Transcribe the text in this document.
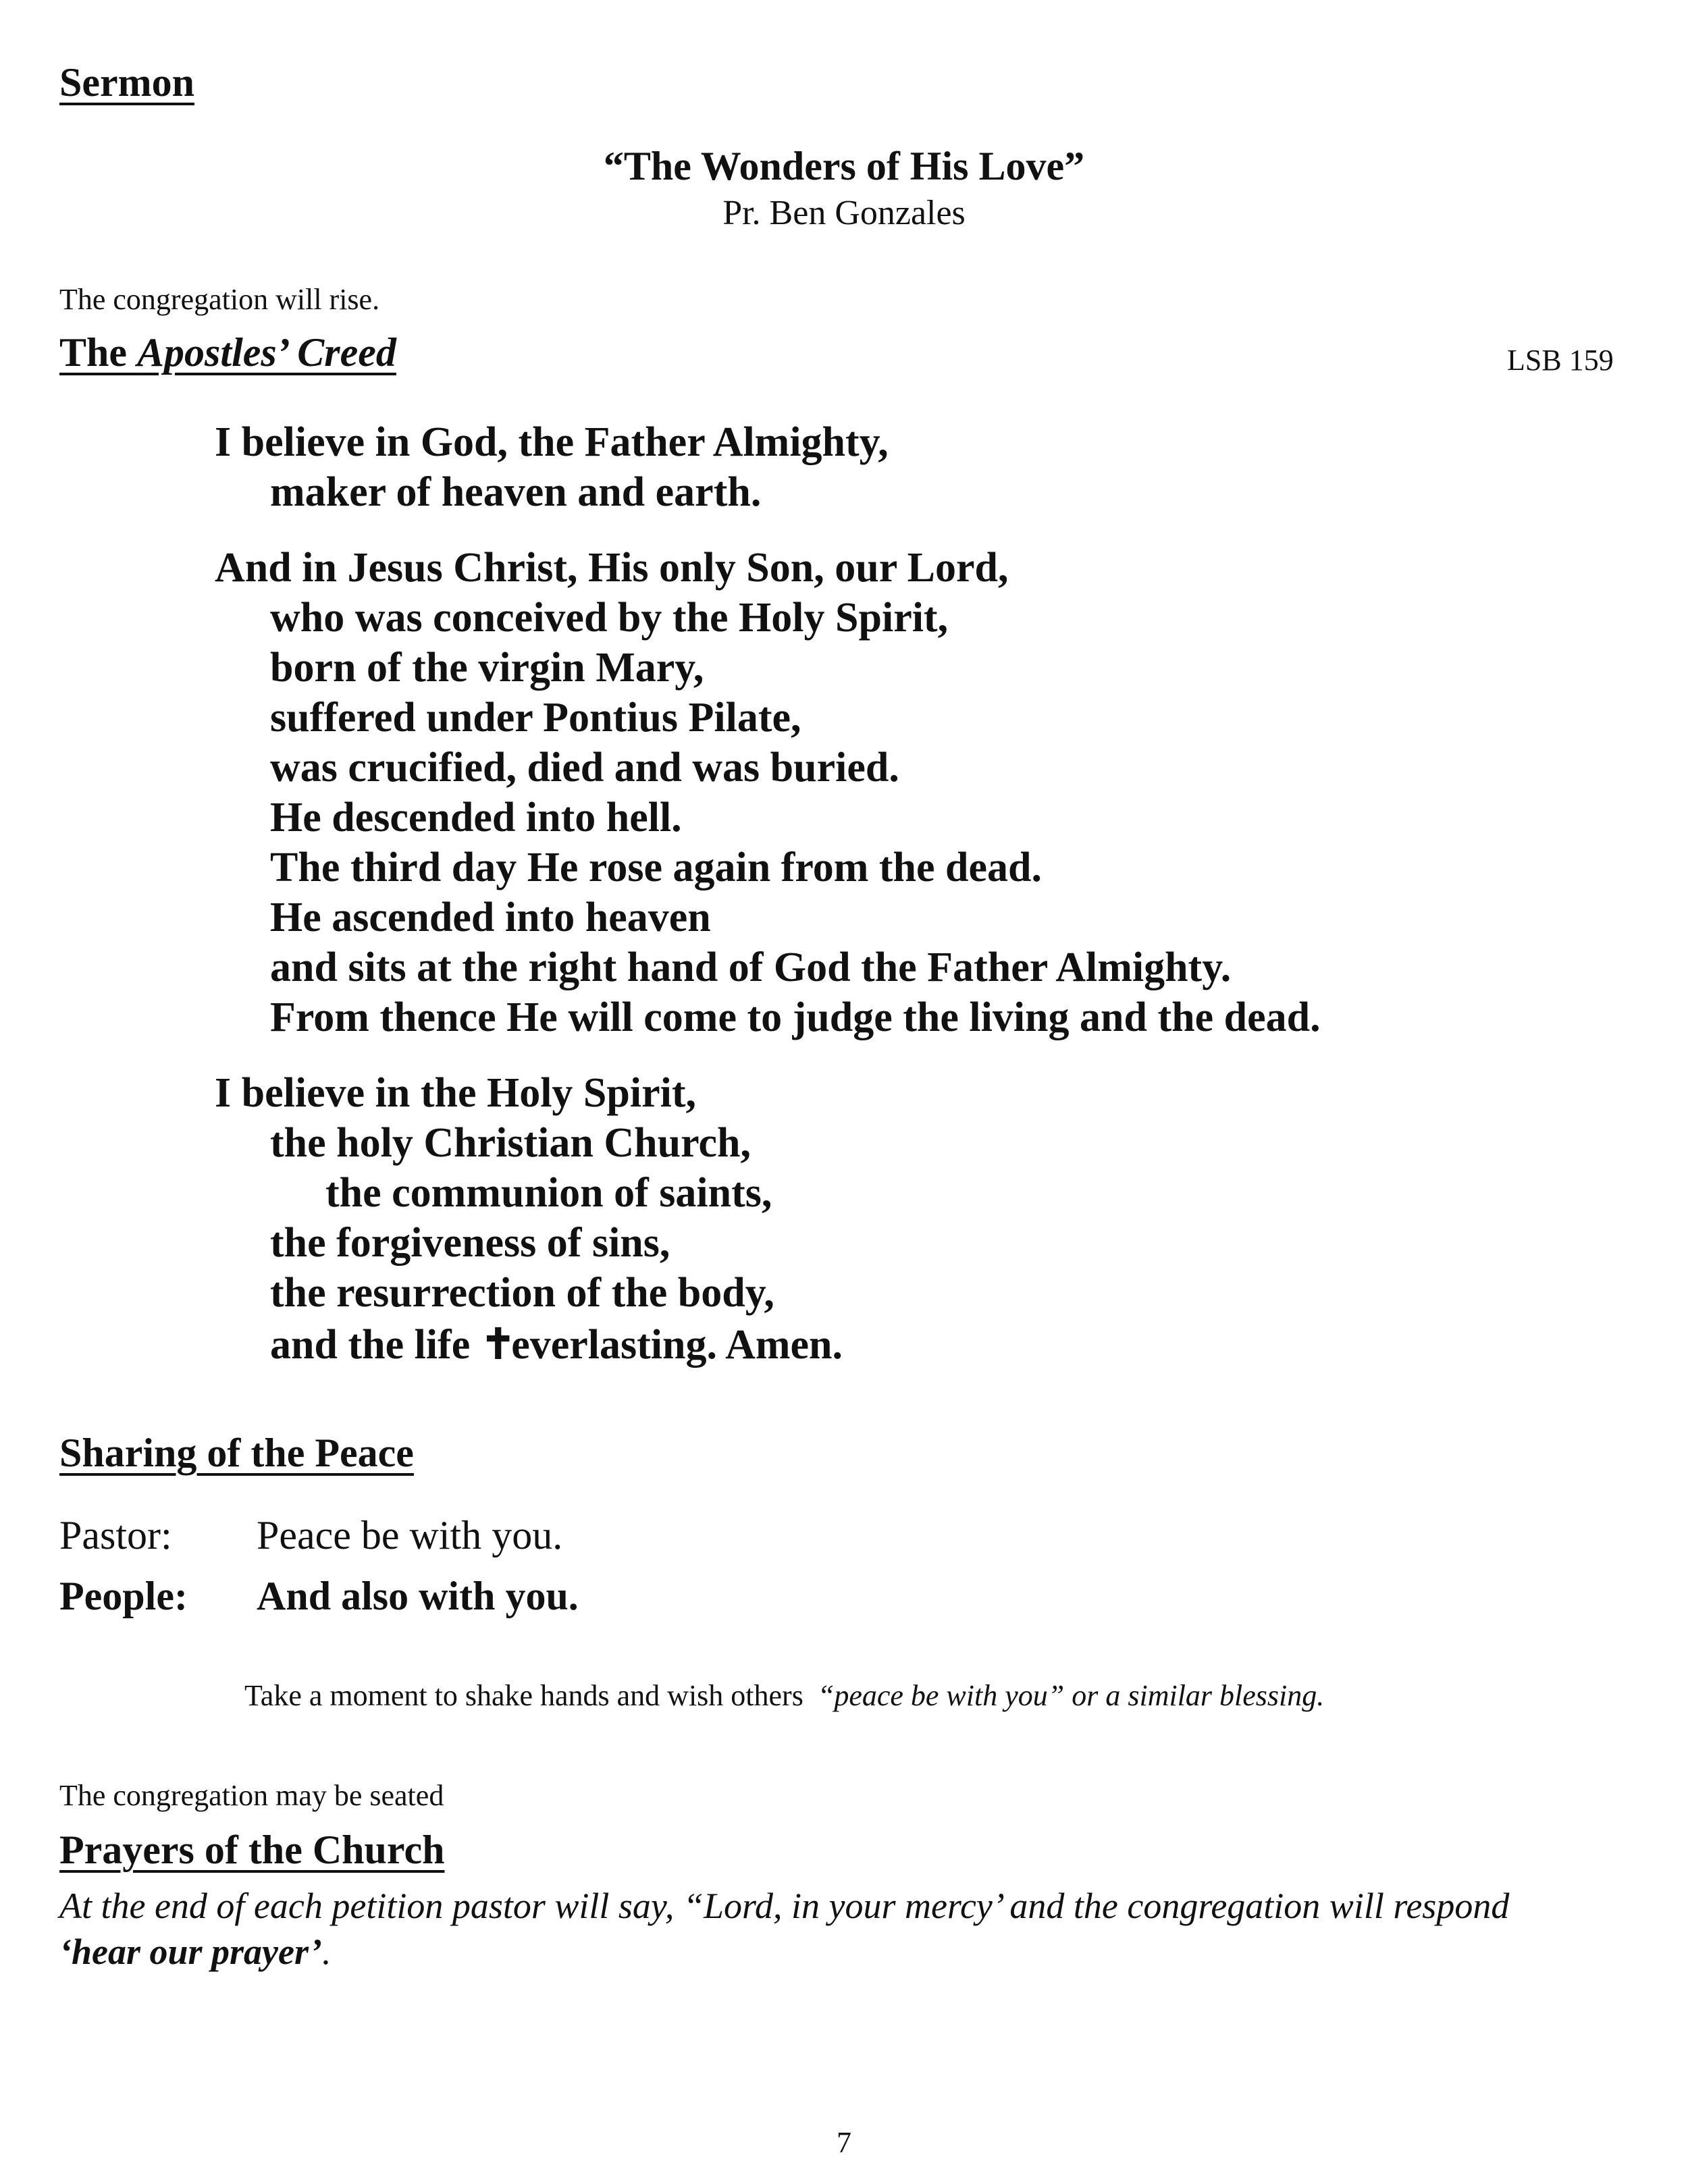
Sermon
“The Wonders of His Love”
Pr. Ben Gonzales
The congregation will rise.
The Apostles’ Creed	LSB 159
I believe in God, the Father Almighty,
maker of heaven and earth.
And in Jesus Christ, His only Son, our Lord,
who was conceived by the Holy Spirit,
born of the virgin Mary,
suffered under Pontius Pilate,
was crucified, died and was buried.
He descended into hell.
The third day He rose again from the dead.
He ascended into heaven
and sits at the right hand of God the Father Almighty.
From thence He will come to judge the living and the dead.
I believe in the Holy Spirit,
the holy Christian Church,
the communion of saints,
the forgiveness of sins,
the resurrection of the body,
and the life ✝ everlasting. Amen.
Sharing of the Peace
Pastor: Peace be with you.
People: And also with you.
Take a moment to shake hands and wish others “peace be with you” or a similar blessing.
The congregation may be seated
Prayers of the Church
At the end of each petition pastor will say, “Lord, in your mercy’ and the congregation will respond
‘hear our prayer’.
7
